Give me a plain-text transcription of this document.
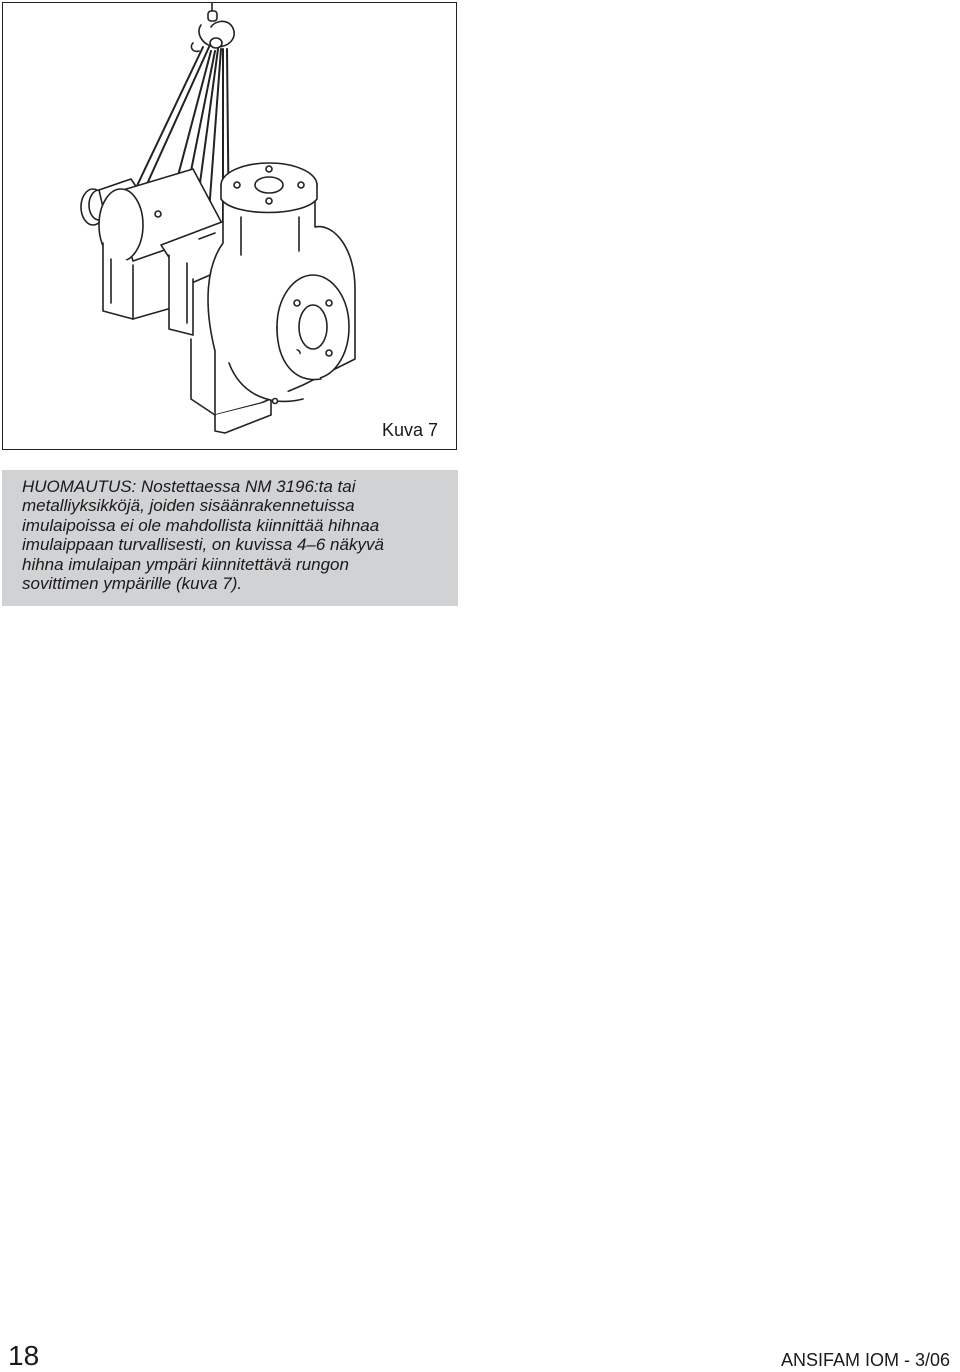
Kuva 7
HUOMAUTUS: Nostettaessa NM 3196:ta tai
metalliyksikköjä, joiden sisäänrakennetuissa
imulaipoissa ei ole mahdollista kiinnittää hihnaa
imulaippaan turvallisesti, on kuvissa 4–6 näkyvä
hihna imulaipan ympäri kiinnitettävä rungon
sovittimen ympärille (kuva 7).
18	ANSIFAM IOM - 3/06
